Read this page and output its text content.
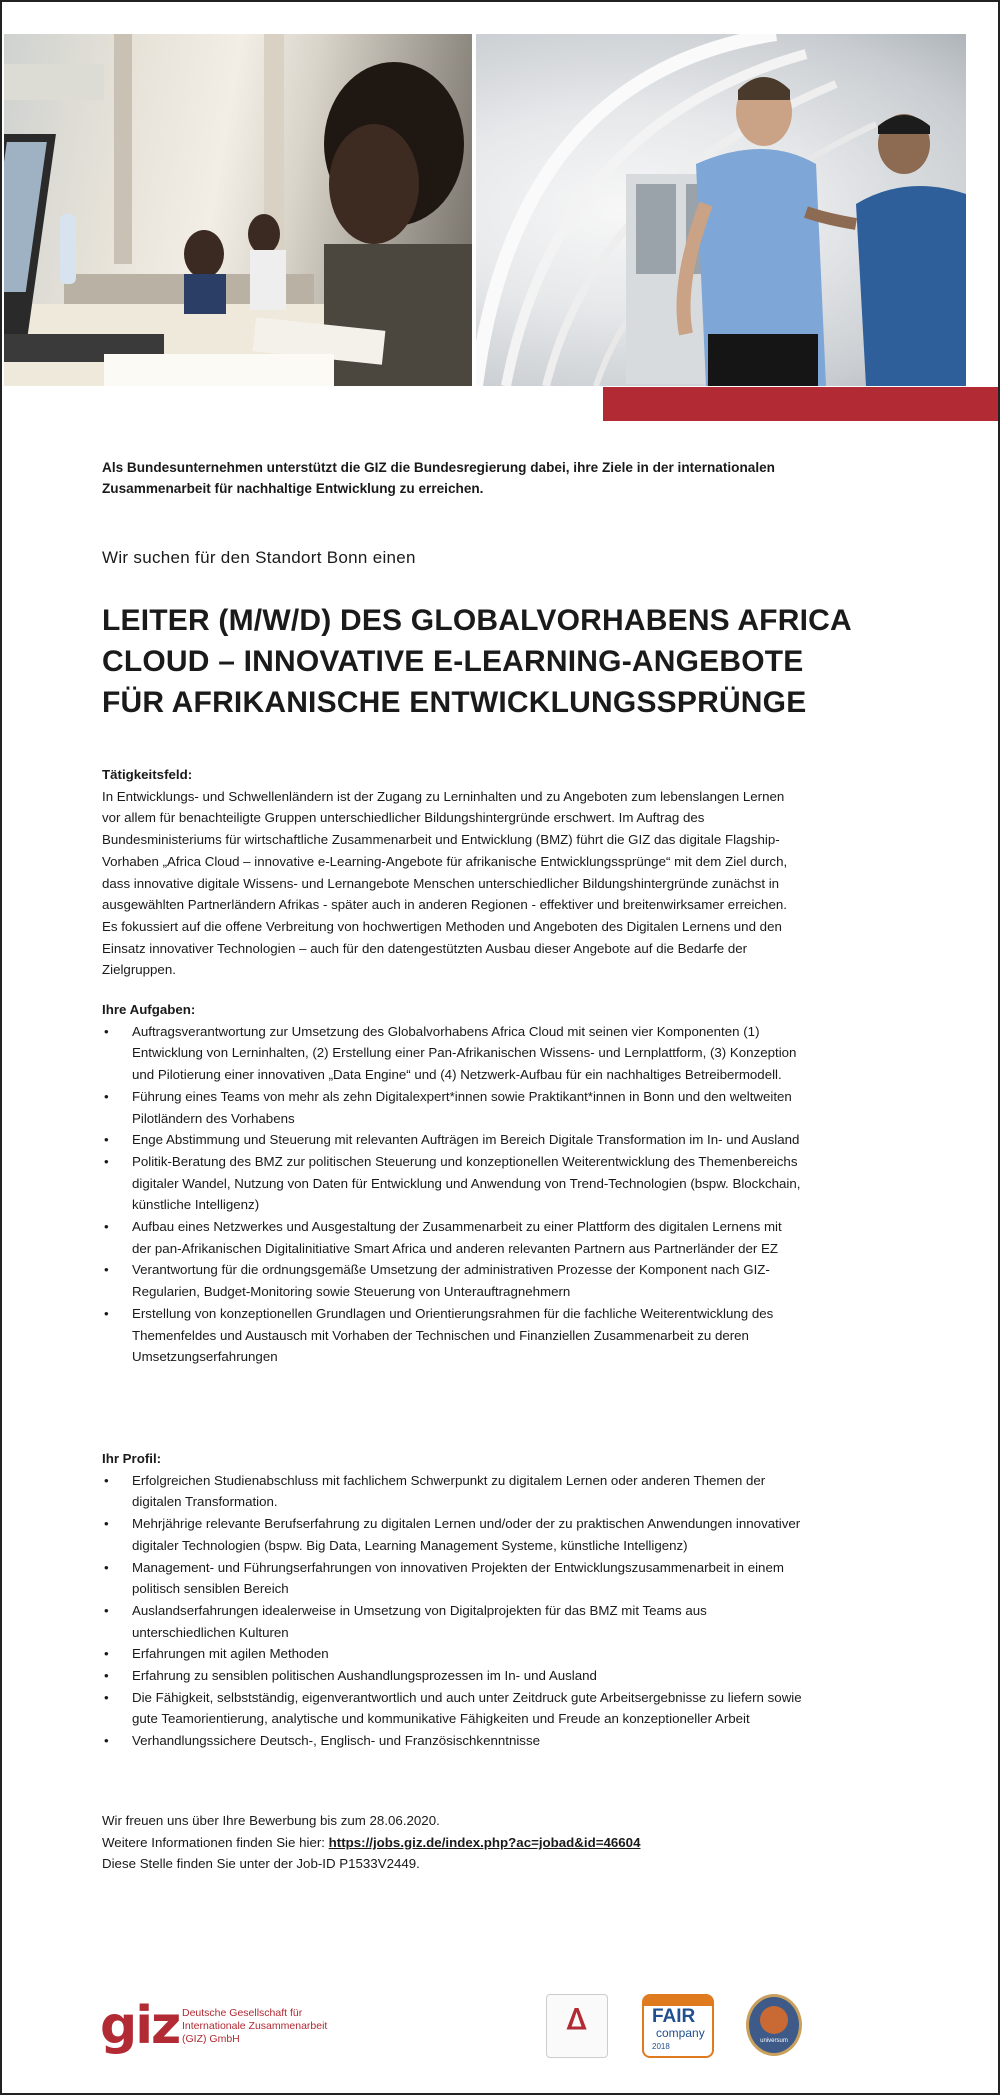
Als Bundesunternehmen unterstützt die GIZ die Bundesregierung dabei, ihre Ziele in der internationalen Zusammenarbeit für nachhaltige Entwicklung zu erreichen.

Wir suchen für den Standort Bonn einen

LEITER (M/W/D) DES GLOBALVORHABENS AFRICA
CLOUD – INNOVATIVE E-LEARNING-ANGEBOTE
FÜR AFRIKANISCHE ENTWICKLUNGSSPRÜNGE
Tätigkeitsfeld:

In Entwicklungs- und Schwellenländern ist der Zugang zu Lerninhalten und zu Angeboten zum lebenslangen Lernen vor allem für benachteiligte Gruppen unterschiedlicher Bildungshintergründe erschwert. Im Auftrag des Bundesministeriums für wirtschaftliche Zusammenarbeit und Entwicklung (BMZ) führt die GIZ das digitale Flagship-Vorhaben „Africa Cloud – innovative e-Learning-Angebote für afrikanische Entwicklungssprünge“ mit dem Ziel durch, dass innovative digitale Wissens- und Lernangebote Menschen unterschiedlicher Bildungshintergründe zunächst in ausgewählten Partnerländern Afrikas - später auch in anderen Regionen - effektiver und breitenwirksamer erreichen. Es fokussiert auf die offene Verbreitung von hochwertigen Methoden und Angeboten des Digitalen Lernens und den Einsatz innovativer Technologien – auch für den datengestützten Ausbau dieser Angebote auf die Bedarfe der Zielgruppen.

Ihre Aufgaben:
• Auftragsverantwortung zur Umsetzung des Globalvorhabens Africa Cloud mit seinen vier Komponenten (1) Entwicklung von Lerninhalten, (2) Erstellung einer Pan-Afrikanischen Wissens- und Lernplattform, (3) Konzeption und Pilotierung einer innovativen „Data Engine“ und (4) Netzwerk-Aufbau für ein nachhaltiges Betreibermodell.
• Führung eines Teams von mehr als zehn Digitalexpert*innen sowie Praktikant*innen in Bonn und den weltweiten Pilotländern des Vorhabens
• Enge Abstimmung und Steuerung mit relevanten Aufträgen im Bereich Digitale Transformation im In- und Ausland
• Politik-Beratung des BMZ zur politischen Steuerung und konzeptionellen Weiterentwicklung des Themenbereichs digitaler Wandel, Nutzung von Daten für Entwicklung und Anwendung von Trend-Technologien (bspw. Blockchain, künstliche Intelligenz)
• Aufbau eines Netzwerkes und Ausgestaltung der Zusammenarbeit zu einer Plattform des digitalen Lernens mit der pan-Afrikanischen Digitalinitiative Smart Africa und anderen relevanten Partnern aus Partnerländer der EZ
• Verantwortung für die ordnungsgemäße Umsetzung der administrativen Prozesse der Komponent nach GIZ-Regularien, Budget-Monitoring sowie Steuerung von Unterauftragnehmern
• Erstellung von konzeptionellen Grundlagen und Orientierungsrahmen für die fachliche Weiterentwicklung des Themenfeldes und Austausch mit Vorhaben der Technischen und Finanziellen Zusammenarbeit zu deren Umsetzungserfahrungen
Ihr Profil:
• Erfolgreichen Studienabschluss mit fachlichem Schwerpunkt zu digitalem Lernen oder anderen Themen der digitalen Transformation.
• Mehrjährige relevante Berufserfahrung zu digitalen Lernen und/oder der zu praktischen Anwendungen innovativer digitaler Technologien (bspw. Big Data, Learning Management Systeme, künstliche Intelligenz)
• Management- und Führungserfahrungen von innovativen Projekten der Entwicklungszusammenarbeit in einem politisch sensiblen Bereich
• Auslandserfahrungen idealerweise in Umsetzung von Digitalprojekten für das BMZ mit Teams aus unterschiedlichen Kulturen
• Erfahrungen mit agilen Methoden
• Erfahrung zu sensiblen politischen Aushandlungsprozessen im In- und Ausland
• Die Fähigkeit, selbstständig, eigenverantwortlich und auch unter Zeitdruck gute Arbeitsergebnisse zu liefern sowie gute Teamorientierung, analytische und kommunikative Fähigkeiten und Freude an konzeptioneller Arbeit
• Verhandlungssichere Deutsch-, Englisch- und Französischkenntnisse

Wir freuen uns über Ihre Bewerbung bis zum 28.06.2020.

Weitere Informationen finden Sie hier: https://jobs.giz.de/index.php?ac=jobad&id=46604

Diese Stelle finden Sie unter der Job-ID P1533V2449.

giz Deutsche Gesellschaft für Internationale Zusammenarbeit (GIZ) GmbH
ᐃ	FAIR
company
2018
universum
